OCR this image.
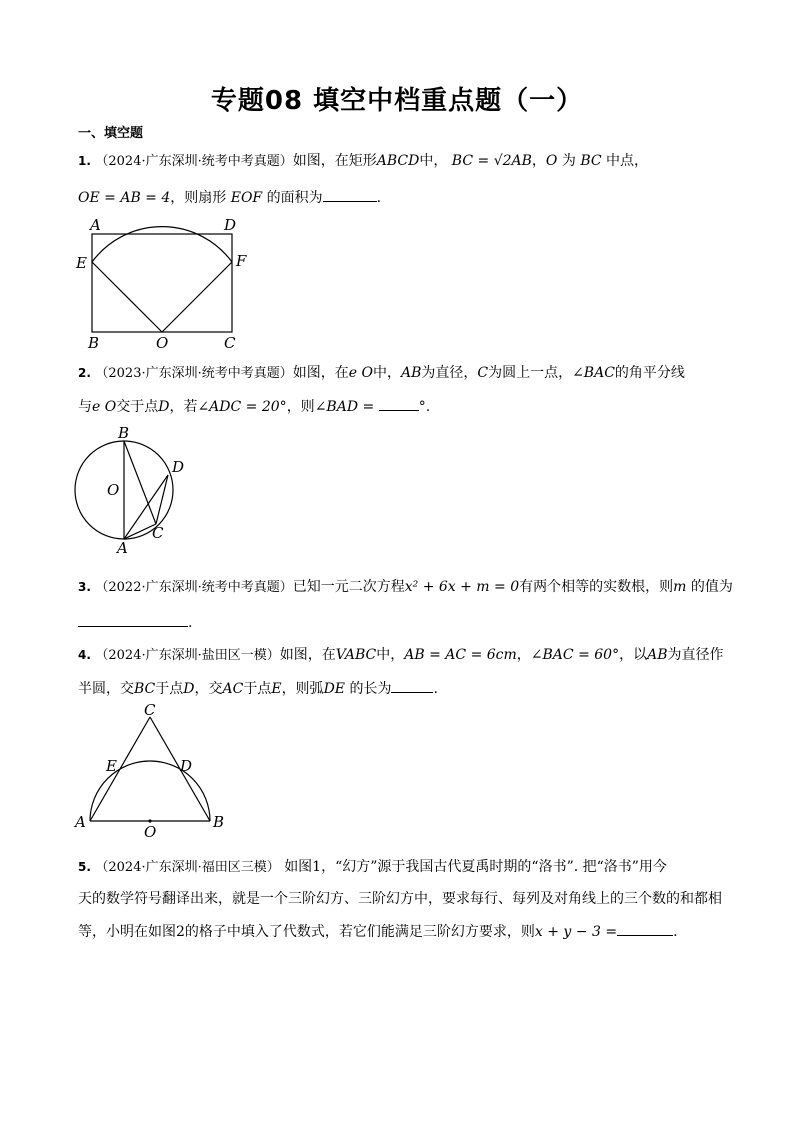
专题08 填空中档重点题（一）
一、填空题
1. （2024·广东深圳·统考中考真题）如图，在矩形ABCD中， BC = √2AB，O 为 BC 中点，
OE = AB = 4，则扇形 EOF 的面积为	.
A	D
E	F
B	O	C
2. （2023·广东深圳·统考中考真题）如图，在e O中，AB为直径，C为圆上一点，∠BAC的角平分线
与e O交于点D，若∠ADC = 20°，则∠BAD =	°.
B
D
O
C
A
3. （2022·广东深圳·统考中考真题）已知一元二次方程x² + 6x + m = 0有两个相等的实数根，则m 的值为
.
4. （2024·广东深圳·盐田区一模）如图，在VABC中，AB = AC = 6cm，∠BAC = 60°，以AB为直径作
半圆，交BC于点D，交AC于点E，则弧DE 的长为	.
C
E	D
A
O
B
5. （2024·广东深圳·福田区三模） 如图1，“幻方”源于我国古代夏禹时期的“洛书”. 把“洛书”用今
天的数学符号翻译出来，就是一个三阶幻方、三阶幻方中，要求每行、每列及对角线上的三个数的和都相
等，小明在如图2的格子中填入了代数式，若它们能满足三阶幻方要求，则x + y − 3 =	.
